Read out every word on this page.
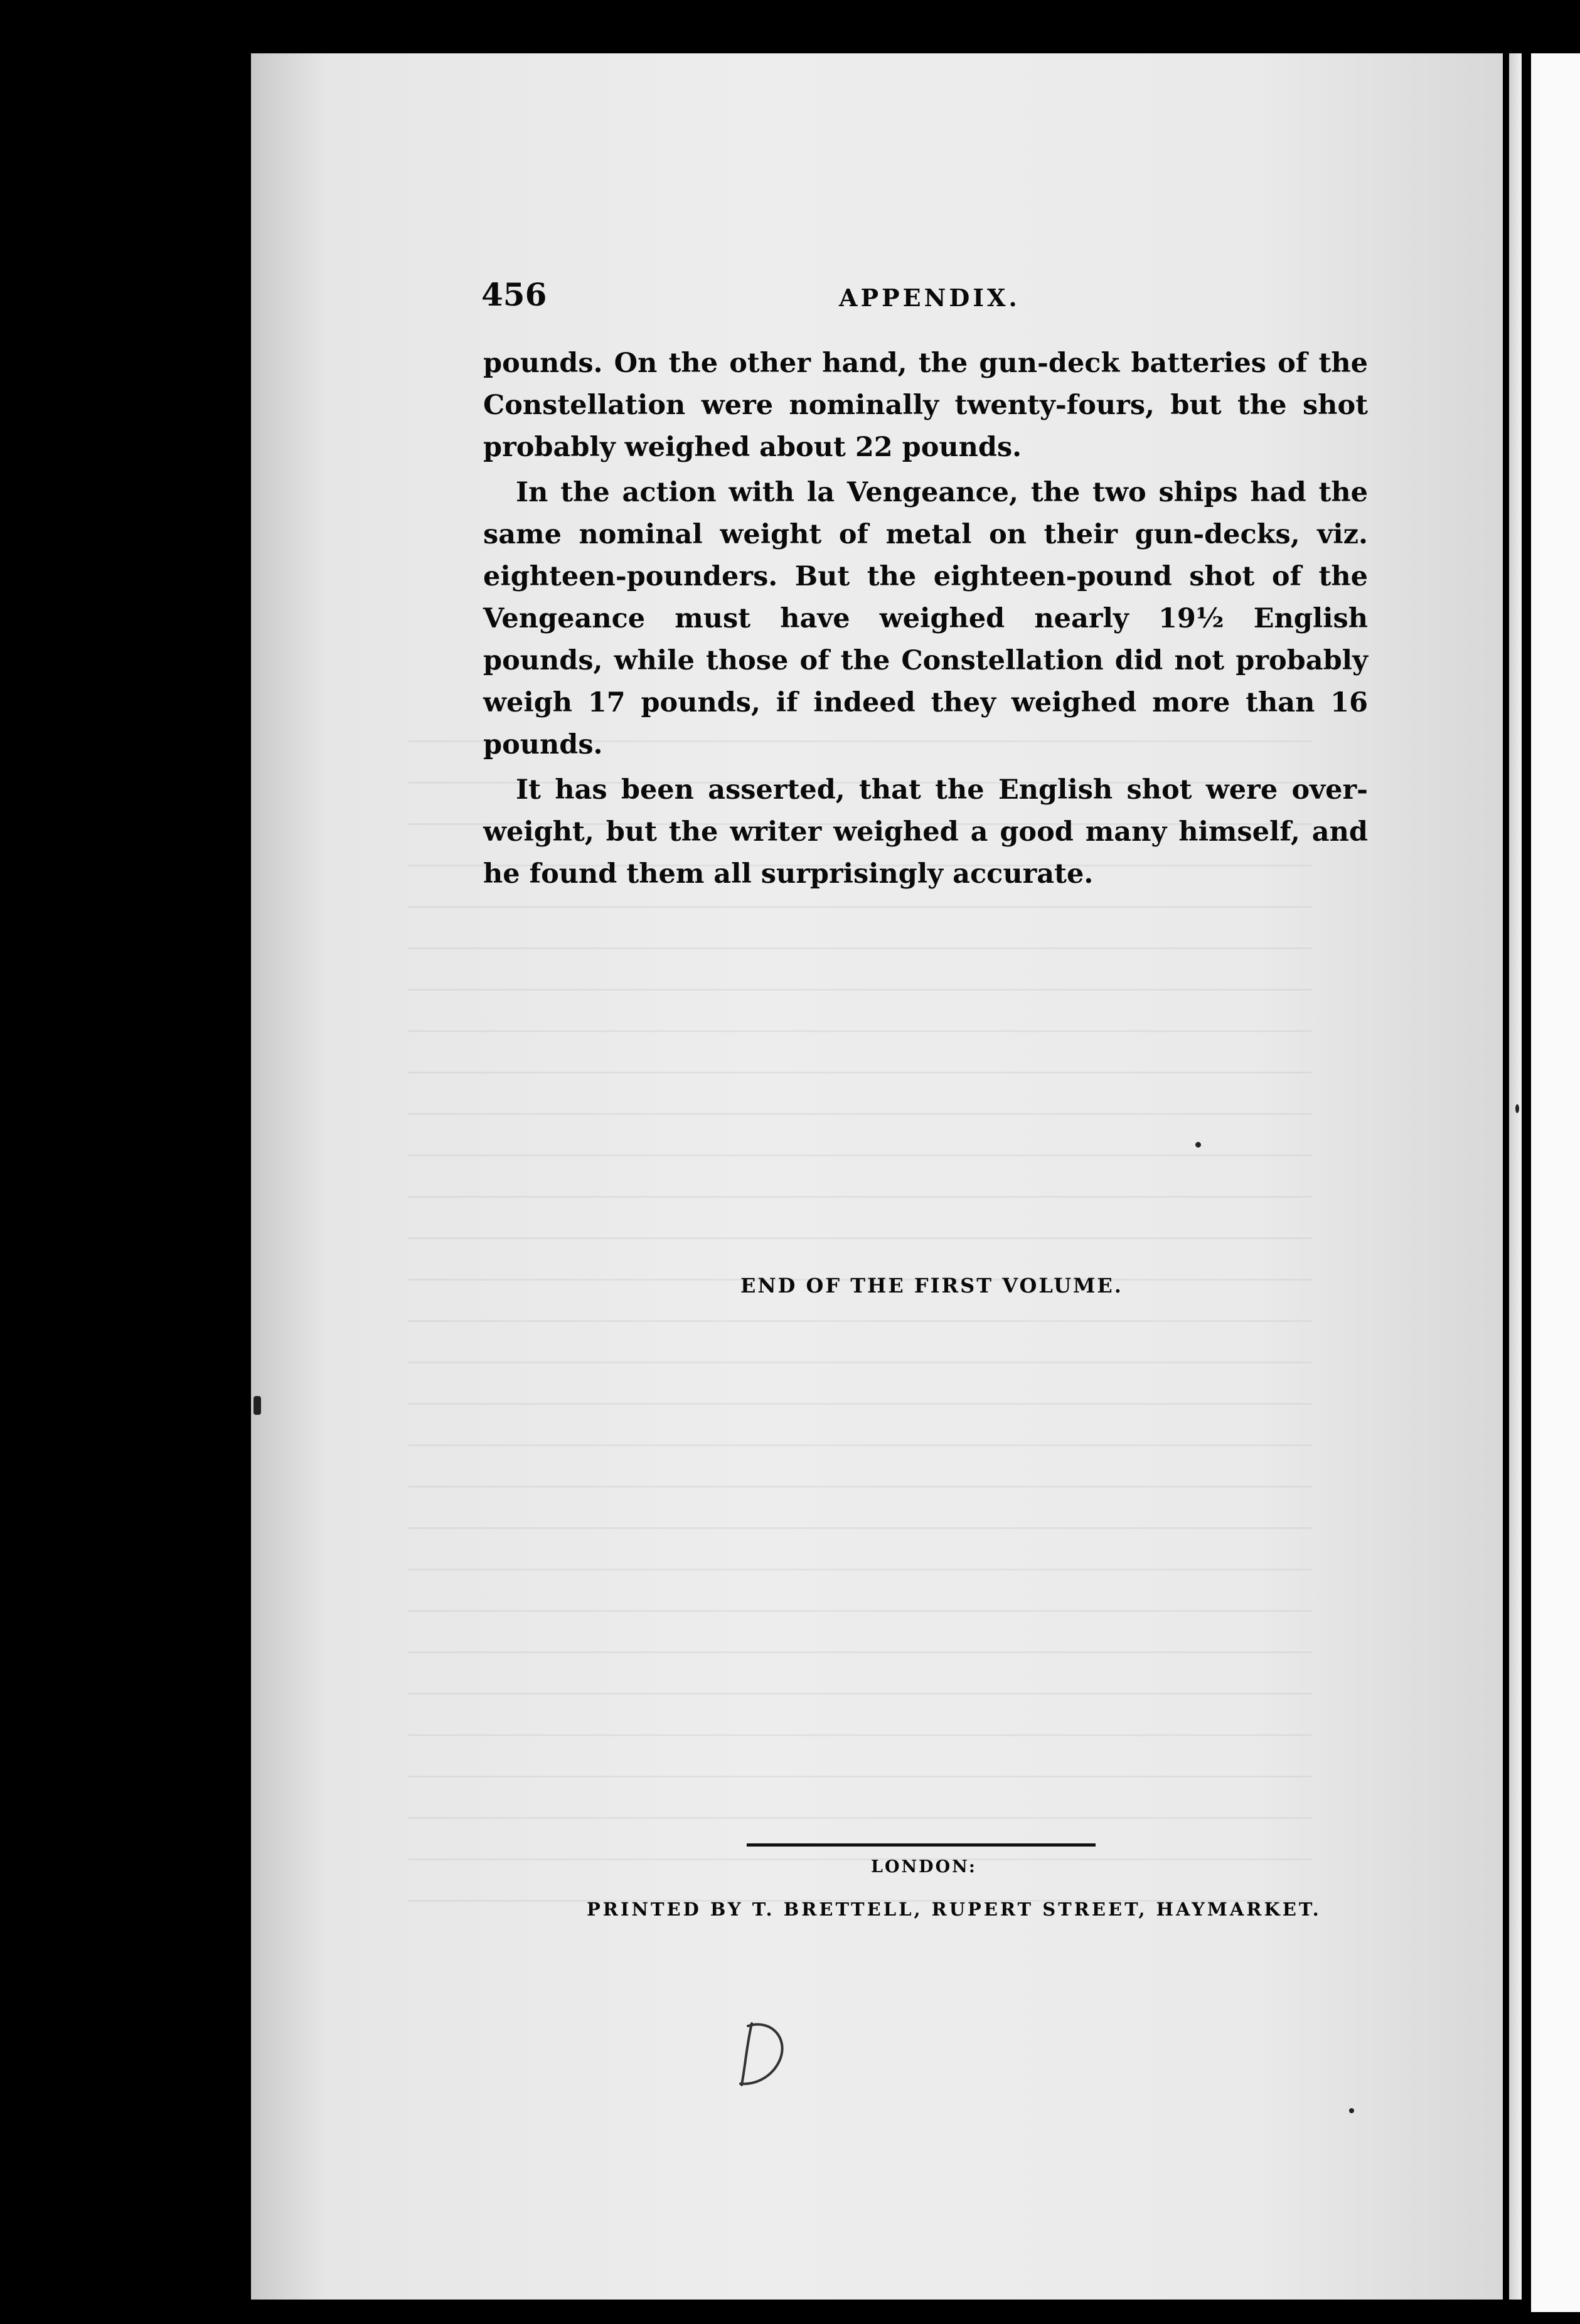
456	APPENDIX.

pounds. On the other hand, the gun-deck batteries of the Constellation were nominally twenty-fours, but the shot probably weighed about 22 pounds.

In the action with la Vengeance, the two ships had the same nominal weight of metal on their gun-decks, viz. eighteen-pounders. But the eighteen-pound shot of the Vengeance must have weighed nearly 19½ English pounds, while those of the Constellation did not probably weigh 17 pounds, if indeed they weighed more than 16 pounds.

It has been asserted, that the English shot were over-weight, but the writer weighed a good many himself, and he found them all surprisingly accurate.

END OF THE FIRST VOLUME.
LONDON:
PRINTED BY T. BRETTELL, RUPERT STREET, HAYMARKET.
